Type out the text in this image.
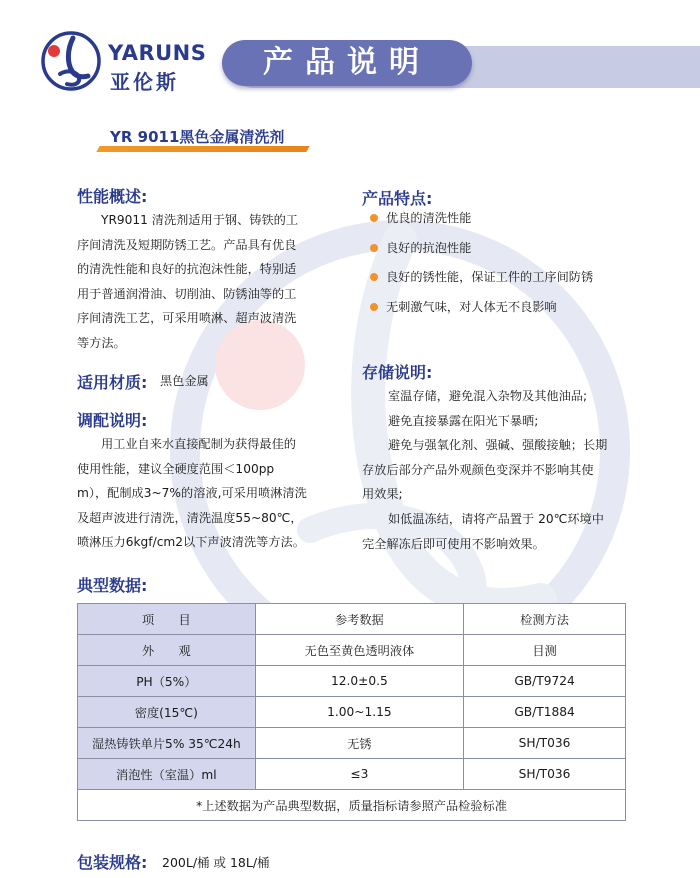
YARUNS
亚伦斯
产品说明
YR 9011黑色金属清洗剂
性能概述:
YR9011 清洗剂适用于钢、铸铁的工
序间清洗及短期防锈工艺。产品具有优良
的清洗性能和良好的抗泡沫性能，特别适
用于普通润滑油、切削油、防锈油等的工
序间清洗工艺，可采用喷淋、超声波清洗
等方法。
适用材质: 黑色金属
调配说明:
用工业自来水直接配制为获得最佳的
使用性能，建议全硬度范围＜100pp
m），配制成3~7%的溶液,可采用喷淋清洗
及超声波进行清洗，清洗温度55~80℃，
喷淋压力6kgf/cm2以下声波清洗等方法。
产品特点:
优良的清洗性能
良好的抗泡性能
良好的锈性能，保证工件的工序间防锈
无刺激气味，对人体无不良影响
存储说明:
室温存储，避免混入杂物及其他油品;
避免直接暴露在阳光下暴晒;
避免与强氧化剂、强碱、强酸接触；长期
存放后部分产品外观颜色变深并不影响其使
用效果;
如低温冻结，请将产品置于 20℃环境中
完全解冻后即可使用不影响效果。
典型数据:
项　　目	参考数据	检测方法
外　　观	无色至黄色透明液体	目测
PH（5%）	12.0±0.5	GB/T9724
密度(15℃)	1.00~1.15	GB/T1884
湿热铸铁单片5% 35℃24h	无锈	SH/T036
消泡性（室温）ml	≤3	SH/T036
*上述数据为产品典型数据，质量指标请参照产品检验标准		
包装规格: 200L/桶 或 18L/桶
